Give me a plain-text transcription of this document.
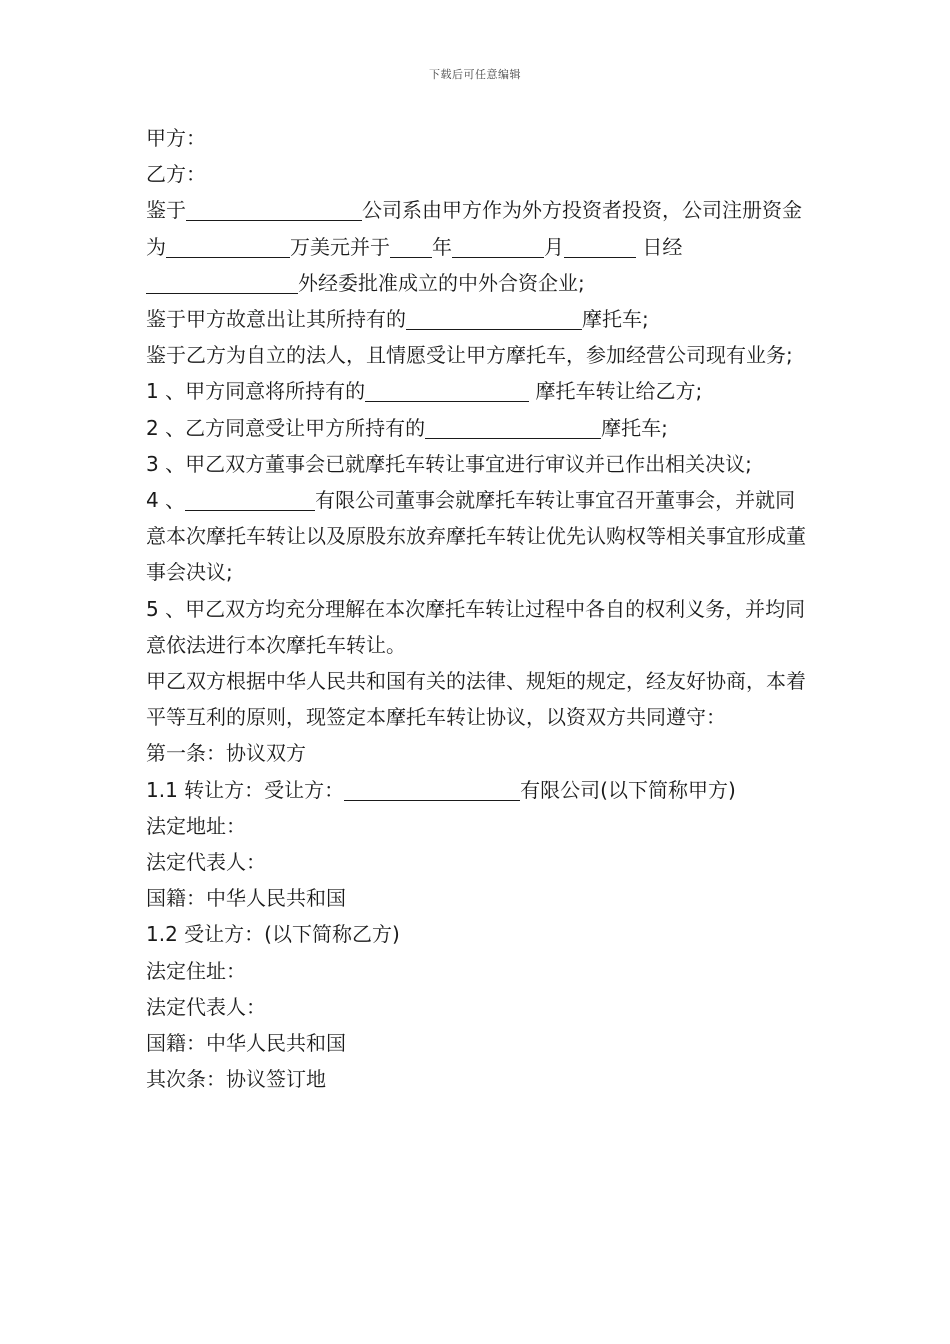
下载后可任意编辑

甲方：

乙方：

鉴于	公司系由甲方作为外方投资者投资，公司注册资金为	万美元并于 年	月	日经外经委批准成立的中外合资企业;

鉴于甲方故意出让其所持有的	摩托车;

鉴于乙方为自立的法人，且情愿受让甲方摩托车，参加经营公司现有业务;

1 、甲方同意将所持有的	摩托车转让给乙方;

2 、乙方同意受让甲方所持有的	摩托车;

3 、甲乙双方董事会已就摩托车转让事宜进行审议并已作出相关决议;

4 、	有限公司董事会就摩托车转让事宜召开董事会，并就同意本次摩托车转让以及原股东放弃摩托车转让优先认购权等相关事宜形成董事会决议;

5 、甲乙双方均充分理解在本次摩托车转让过程中各自的权利义务，并均同意依法进行本次摩托车转让。

甲乙双方根据中华人民共和国有关的法律、规矩的规定，经友好协商，本着平等互利的原则，现签定本摩托车转让协议，以资双方共同遵守：

第一条：协议双方

1.1 转让方：受让方：	有限公司(以下简称甲方)

法定地址：

法定代表人：

国籍：中华人民共和国

1.2 受让方：(以下简称乙方)

法定住址：

法定代表人：

国籍：中华人民共和国

其次条：协议签订地
